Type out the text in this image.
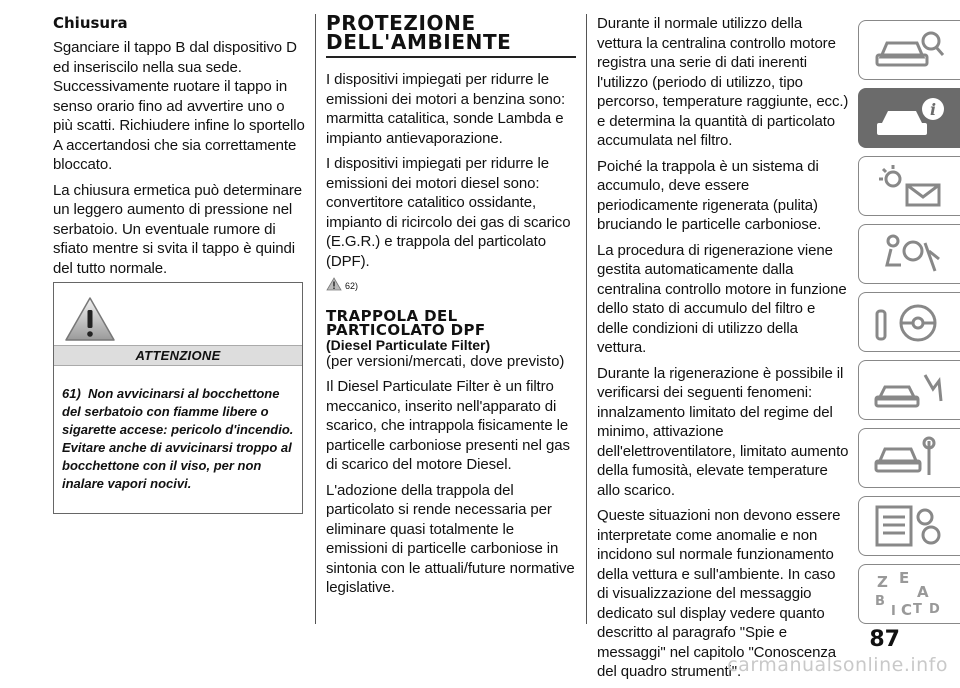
Chiusura

Sganciare il tappo B dal dispositivo D ed inseriscilo nella sua sede. Successivamente ruotare il tappo in senso orario fino ad avvertire uno o più scatti. Richiudere infine lo sportello A accertandosi che sia correttamente bloccato.

La chiusura ermetica può determinare un leggero aumento di pressione nel serbatoio. Un eventuale rumore di sfiato mentre si svita il tappo è quindi del tutto normale.

ATTENZIONE
61) Non avvicinarsi al bocchettone del serbatoio con fiamme libere o sigarette accese: pericolo d'incendio. Evitare anche di avvicinarsi troppo al bocchettone con il viso, per non inalare vapori nocivi.
PROTEZIONE
DELL'AMBIENTE

I dispositivi impiegati per ridurre le emissioni dei motori a benzina sono: marmitta catalitica, sonde Lambda e impianto antievaporazione.

I dispositivi impiegati per ridurre le emissioni dei motori diesel sono: convertitore catalitico ossidante, impianto di ricircolo dei gas di scarico (E.G.R.) e trappola del particolato (DPF).

62)
TRAPPOLA DEL
PARTICOLATO DPF
(Diesel Particulate Filter)
(per versioni/mercati, dove previsto)

Il Diesel Particulate Filter è un filtro meccanico, inserito nell'apparato di scarico, che intrappola fisicamente le particelle carboniose presenti nel gas di scarico del motore Diesel.

L'adozione della trappola del particolato si rende necessaria per eliminare quasi totalmente le emissioni di particelle carboniose in sintonia con le attuali/future normative legislative.

Durante il normale utilizzo della vettura la centralina controllo motore registra una serie di dati inerenti l'utilizzo (periodo di utilizzo, tipo percorso, temperature raggiunte, ecc.) e determina la quantità di particolato accumulata nel filtro.

Poiché la trappola è un sistema di accumulo, deve essere periodicamente rigenerata (pulita) bruciando le particelle carboniose.

La procedura di rigenerazione viene gestita automaticamente dalla centralina controllo motore in funzione dello stato di accumulo del filtro e delle condizioni di utilizzo della vettura.

Durante la rigenerazione è possibile il verificarsi dei seguenti fenomeni: innalzamento limitato del regime del minimo, attivazione dell'elettroventilatore, limitato aumento della fumosità, elevate temperature allo scarico.

Queste situazioni non devono essere interpretate come anomalie e non incidono sul normale funzionamento della vettura e sull'ambiente. In caso di visualizzazione del messaggio dedicato sul display vedere quanto descritto al paragrafo "Spie e messaggi" nel capitolo "Conoscenza del quadro strumenti".

i
Z E
A
B
I C T D
87
carmanualsonline.info
